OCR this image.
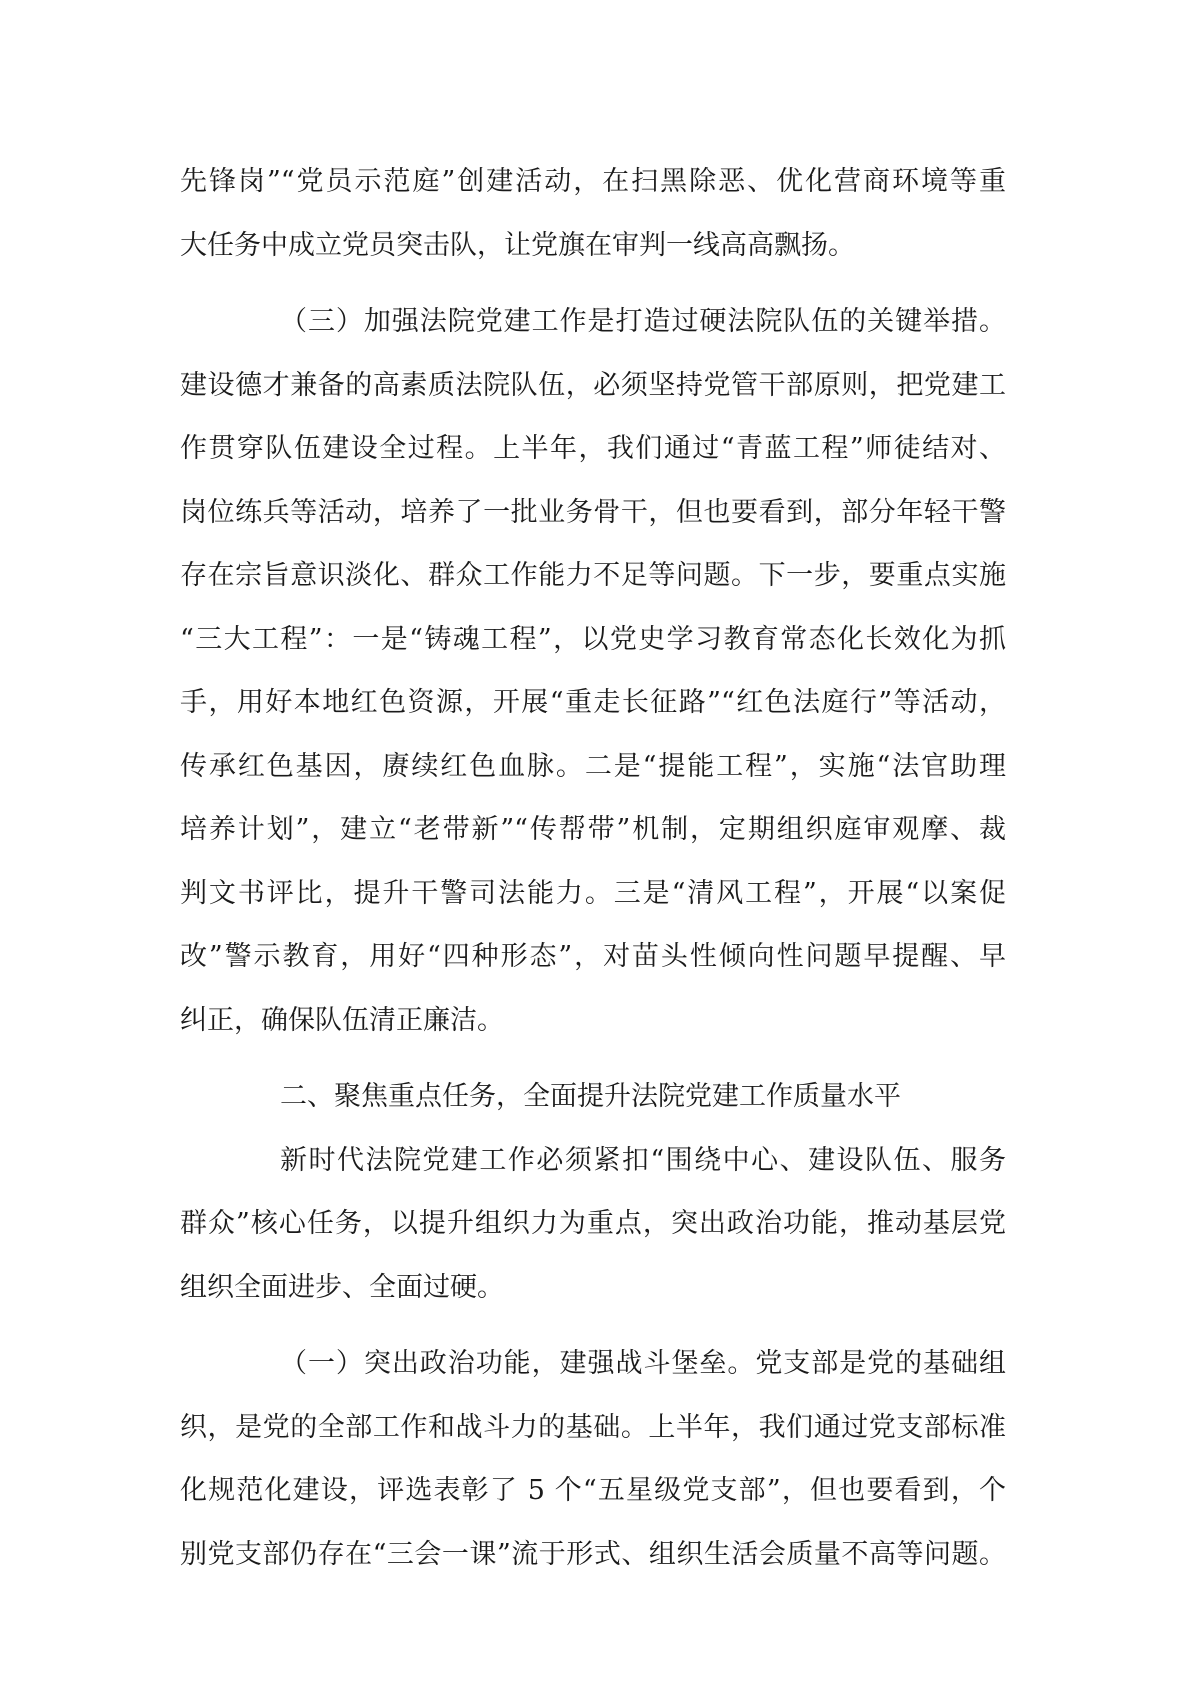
先锋岗”“党员示范庭”创建活动，在扫黑除恶、优化营商环境等重
大任务中成立党员突击队，让党旗在审判一线高高飘扬。
（三）加强法院党建工作是打造过硬法院队伍的关键举措。
建设德才兼备的高素质法院队伍，必须坚持党管干部原则，把党建工
作贯穿队伍建设全过程。上半年，我们通过“青蓝工程”师徒结对、
岗位练兵等活动，培养了一批业务骨干，但也要看到，部分年轻干警
存在宗旨意识淡化、群众工作能力不足等问题。下一步，要重点实施
“三大工程”：一是“铸魂工程”，以党史学习教育常态化长效化为抓
手，用好本地红色资源，开展“重走长征路”“红色法庭行”等活动，
传承红色基因，赓续红色血脉。二是“提能工程”，实施“法官助理
培养计划”，建立“老带新”“传帮带”机制，定期组织庭审观摩、裁
判文书评比，提升干警司法能力。三是“清风工程”，开展“以案促
改”警示教育，用好“四种形态”，对苗头性倾向性问题早提醒、早
纠正，确保队伍清正廉洁。
二、聚焦重点任务，全面提升法院党建工作质量水平
新时代法院党建工作必须紧扣“围绕中心、建设队伍、服务
群众”核心任务，以提升组织力为重点，突出政治功能，推动基层党
组织全面进步、全面过硬。
（一）突出政治功能，建强战斗堡垒。党支部是党的基础组
织，是党的全部工作和战斗力的基础。上半年，我们通过党支部标准
化规范化建设，评选表彰了 5 个“五星级党支部”，但也要看到，个
别党支部仍存在“三会一课”流于形式、组织生活会质量不高等问题。
